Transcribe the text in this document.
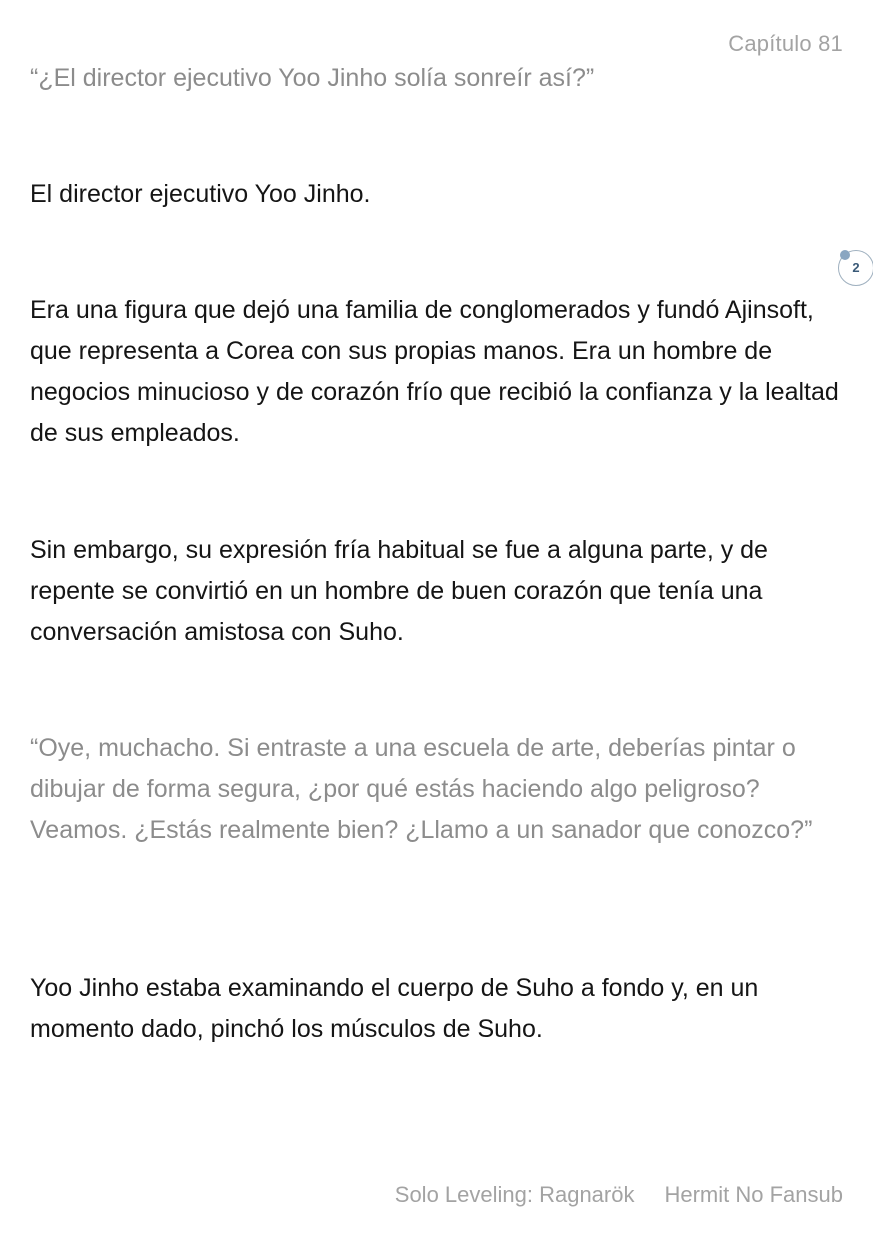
Capítulo 81

“¿El director ejecutivo Yoo Jinho solía sonreír así?”

El director ejecutivo Yoo Jinho.

Era una figura que dejó una familia de conglomerados y fundó Ajinsoft, que representa a Corea con sus propias manos. Era un hombre de negocios minucioso y de corazón frío que recibió la confianza y la lealtad de sus empleados.

Sin embargo, su expresión fría habitual se fue a alguna parte, y de repente se convirtió en un hombre de buen corazón que tenía una conversación amistosa con Suho.

“Oye, muchacho. Si entraste a una escuela de arte, deberías pintar o dibujar de forma segura, ¿por qué estás haciendo algo peligroso? Veamos. ¿Estás realmente bien? ¿Llamo a un sanador que conozco?”

Yoo Jinho estaba examinando el cuerpo de Suho a fondo y, en un momento dado, pinchó los músculos de Suho.

2
Solo Leveling: Ragnarök Hermit No Fansub
